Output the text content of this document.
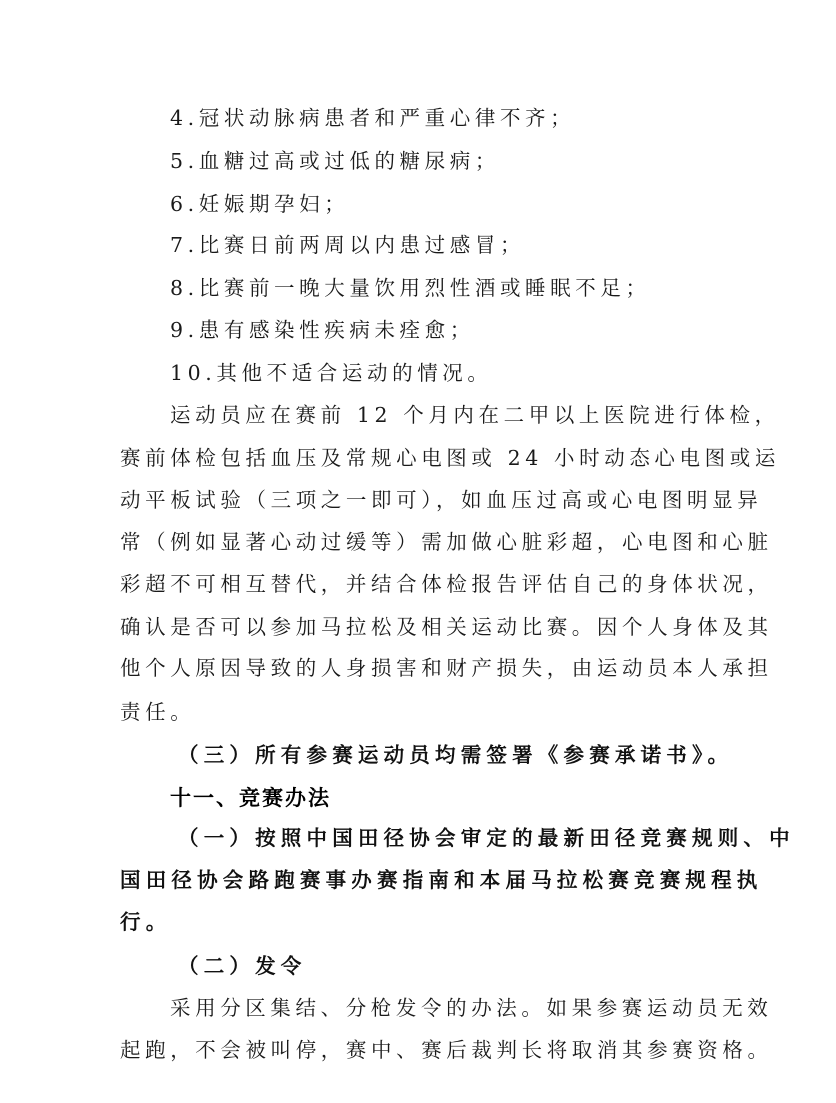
4.冠状动脉病患者和严重心律不齐；
5.血糖过高或过低的糖尿病；
6.妊娠期孕妇；
7.比赛日前两周以内患过感冒；
8.比赛前一晚大量饮用烈性酒或睡眠不足；
9.患有感染性疾病未痊愈；
10.其他不适合运动的情况。
运动员应在赛前 12 个月内在二甲以上医院进行体检，
赛前体检包括血压及常规心电图或 24 小时动态心电图或运
动平板试验（三项之一即可），如血压过高或心电图明显异
常（例如显著心动过缓等）需加做心脏彩超，心电图和心脏
彩超不可相互替代，并结合体检报告评估自己的身体状况，
确认是否可以参加马拉松及相关运动比赛。因个人身体及其
他个人原因导致的人身损害和财产损失，由运动员本人承担
责任。
（三）所有参赛运动员均需签署《参赛承诺书》。
十一、竞赛办法
（一）按照中国田径协会审定的最新田径竞赛规则、中
国田径协会路跑赛事办赛指南和本届马拉松赛竞赛规程执
行。
（二）发令
采用分区集结、分枪发令的办法。如果参赛运动员无效
起跑，不会被叫停，赛中、赛后裁判长将取消其参赛资格。
